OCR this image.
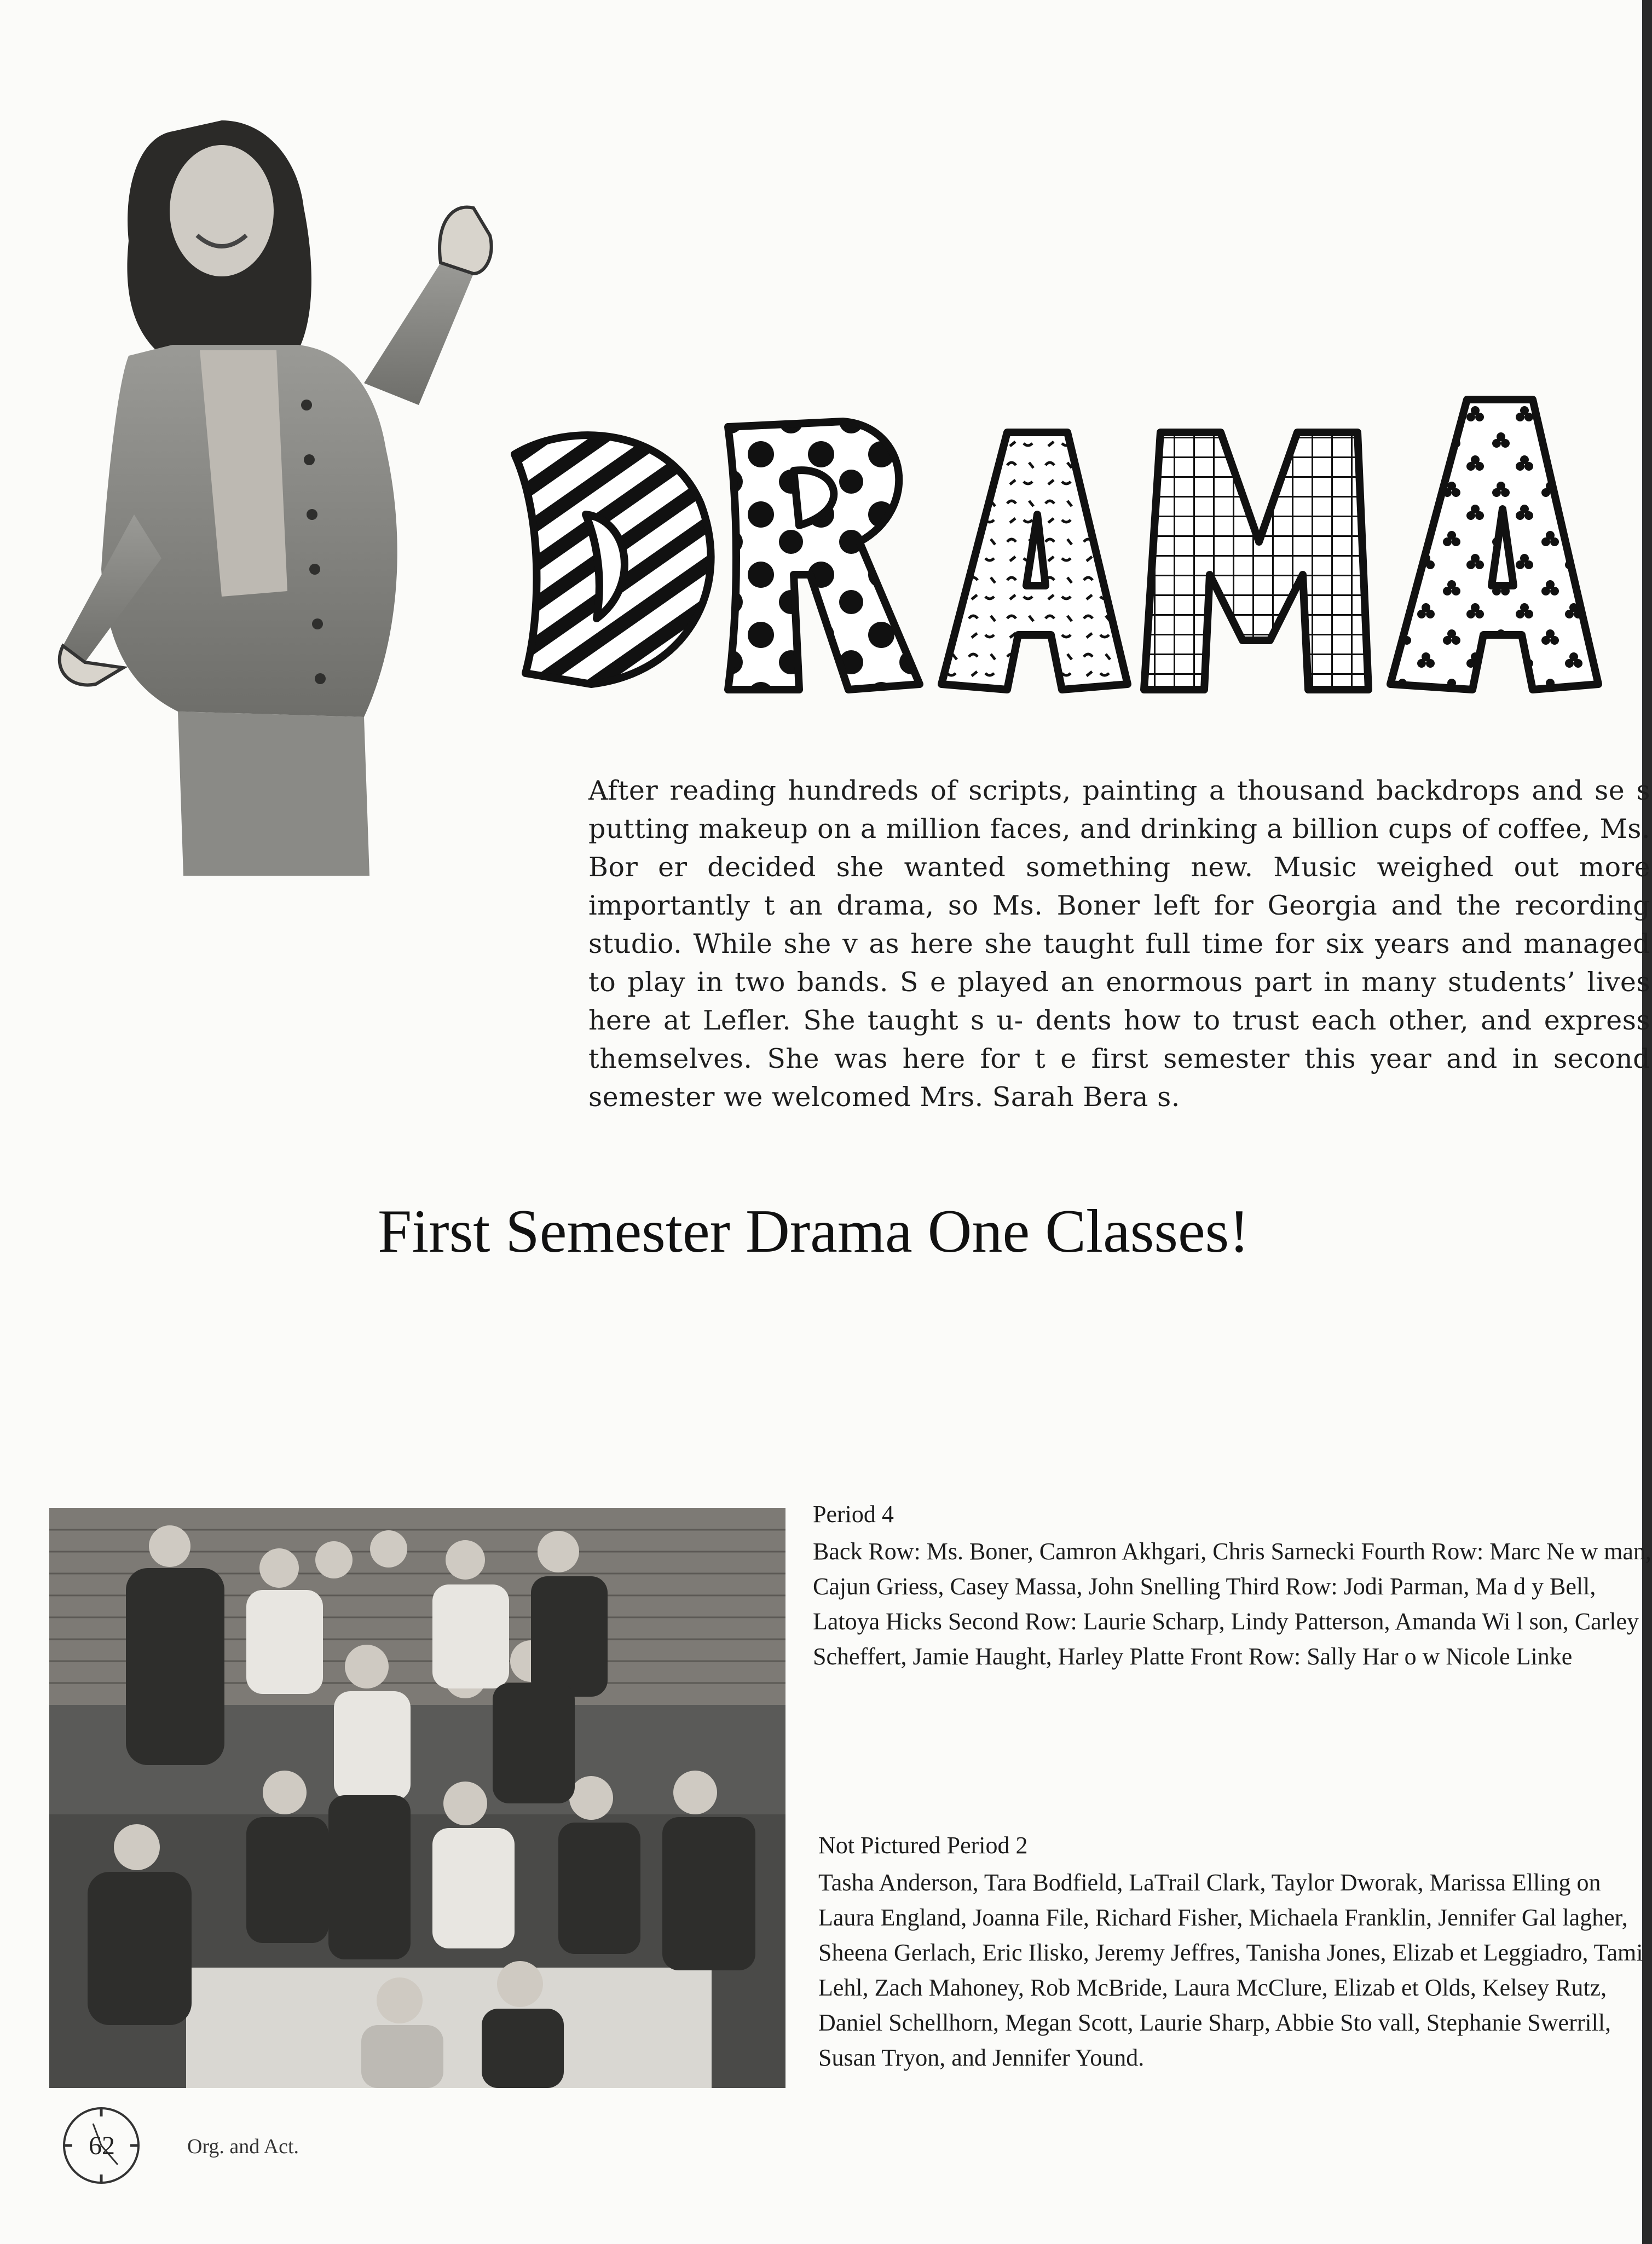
After reading hundreds of scripts, painting a thousand backdrops and se s putting makeup on a million faces, and drinking a billion cups of coffee, Ms. Bor er decided she wanted something new. Music weighed out more importantly t an drama, so Ms. Boner left for Georgia and the recording studio. While she v as here she taught full time for six years and managed to play in two bands. S e played an enormous part in many students’ lives here at Lefler. She taught s u- dents how to trust each other, and express themselves. She was here for t e first semester this year and in second semester we welcomed Mrs. Sarah Bera s.
First Semester Drama One Classes!
Period 4
Back Row: Ms. Boner, Camron Akhgari, Chris Sarnecki Fourth Row: Marc Ne w man, Cajun Griess, Casey Massa, John Snelling Third Row: Jodi Parman, Ma d y Bell, Latoya Hicks Second Row: Laurie Scharp, Lindy Patterson, Amanda Wi l son, Carley Scheffert, Jamie Haught, Harley Platte Front Row: Sally Har o w Nicole Linke
Not Pictured Period 2
Tasha Anderson, Tara Bodfield, LaTrail Clark, Taylor Dworak, Marissa Elling on Laura England, Joanna File, Richard Fisher, Michaela Franklin, Jennifer Gal lagher, Sheena Gerlach, Eric Ilisko, Jeremy Jeffres, Tanisha Jones, Elizab et Leggiadro, Tami Lehl, Zach Mahoney, Rob McBride, Laura McClure, Elizab et Olds, Kelsey Rutz, Daniel Schellhorn, Megan Scott, Laurie Sharp, Abbie Sto vall, Stephanie Swerrill, Susan Tryon, and Jennifer Yound.
62	Org. and Act.
